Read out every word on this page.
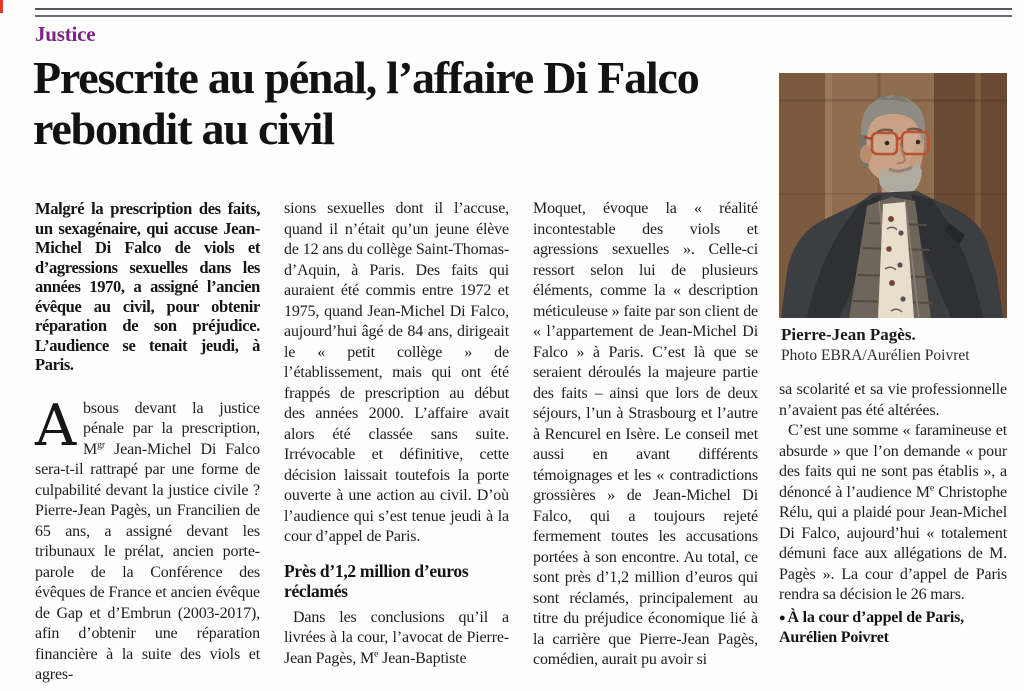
Justice
Prescrite au pénal, l’affaire Di Falco rebondit au civil

Malgré la prescription des faits, un sexagénaire, qui accuse Jean-Michel Di Falco de viols et d’agressions sexuelles dans les années 1970, a assigné l’ancien évêque au civil, pour obtenir réparation de son préjudice. L’audience se tenait jeudi, à Paris.

Absous devant la justice pénale par la prescription, $M^{gr}$ Jean-Michel Di Falco sera-t-il rattrapé par une forme de culpabilité devant la justice civile ? Pierre-Jean Pagès, un Francilien de 65 ans, a assigné devant les tribunaux le prélat, ancien porte-parole de la Conférence des évêques de France et ancien évêque de Gap et d’Embrun (2003-2017), afin d’obtenir une réparation financière à la suite des viols et agres-

sions sexuelles dont il l’accuse, quand il n’était qu’un jeune élève de 12 ans du collège Saint-Thomas-d’Aquin, à Paris. Des faits qui auraient été commis entre 1972 et 1975, quand Jean-Michel Di Falco, aujourd’hui âgé de 84 ans, dirigeait le « petit collège » de l’établissement, mais qui ont été frappés de prescription au début des années 2000. L’affaire avait alors été classée sans suite. Irrévocable et définitive, cette décision laissait toutefois la porte ouverte à une action au civil. D’où l’audience qui s’est tenue jeudi à la cour d’appel de Paris.

Près d’1,2 million d’euros réclamés

Dans les conclusions qu’il a livrées à la cour, l’avocat de Pierre-Jean Pagès, Me Jean-Baptiste

Moquet, évoque la « réalité incontestable des viols et agressions sexuelles ». Celle-ci ressort selon lui de plusieurs éléments, comme la « description méticuleuse » faite par son client de « l’appartement de Jean-Michel Di Falco » à Paris. C’est là que se seraient déroulés la majeure partie des faits – ainsi que lors de deux séjours, l’un à Strasbourg et l’autre à Rencurel en Isère. Le conseil met aussi en avant différents témoignages et les « contradictions grossières » de Jean-Michel Di Falco, qui a toujours rejeté fermement toutes les accusations portées à son encontre. Au total, ce sont près d’1,2 million d’euros qui sont réclamés, principalement au titre du préjudice économique lié à la carrière que Pierre-Jean Pagès, comédien, aurait pu avoir si

Pierre-Jean Pagès.

Photo EBRA/Aurélien Poivret

sa scolarité et sa vie professionnelle n’avaient pas été altérées.

C’est une somme « faramineuse et absurde » que l’on demande « pour des faits qui ne sont pas établis », a dénoncé à l’audience Me Christophe Rélu, qui a plaidé pour Jean-Michel Di Falco, aujourd’hui « totalement démuni face aux allégations de M. Pagès ». La cour d’appel de Paris rendra sa décision le 26 mars.

● À la cour d’appel de Paris, Aurélien Poivret
